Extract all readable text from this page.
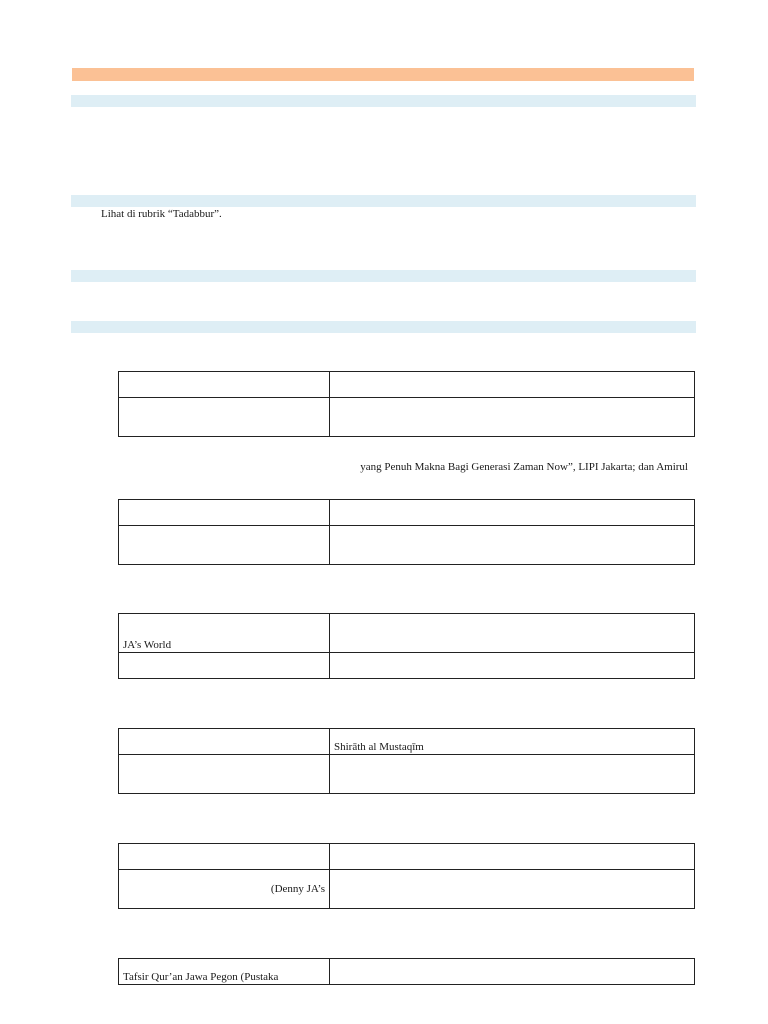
Lihat di rubrik “Tadabbur”.
yang Penuh Makna Bagi Generasi Zaman Now”, LIPI Jakarta; dan Amirul

JA’s World	

	Shirāth al Mustaqīm

(Denny JA’s	
Tafsir Qur’an Jawa Pegon (Pustaka	
